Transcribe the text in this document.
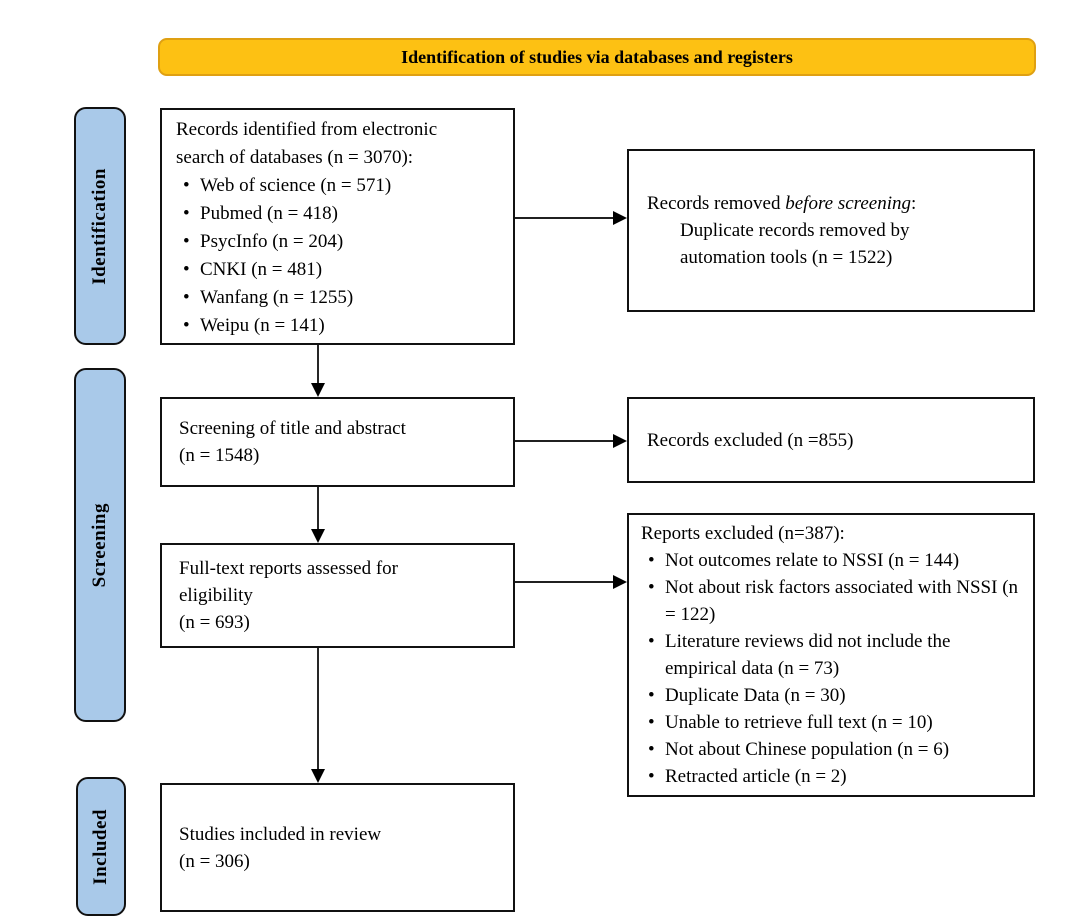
Identification of studies via databases and registers
Identification
Screening
Included
Records identified from electronic
search of databases (n = 3070):
• Web of science (n = 571)
• Pubmed (n = 418)
• PsycInfo (n = 204)
• CNKI (n = 481)
• Wanfang (n = 1255)
• Weipu (n = 141)
Screening of title and abstract
(n = 1548)
Full-text reports assessed for
eligibility
(n = 693)
Studies included in review
(n = 306)
Records removed before screening:
Duplicate records removed by
automation tools (n = 1522)
Records excluded (n =855)
Reports excluded (n=387):
• Not outcomes relate to NSSI (n = 144)
• Not about risk factors associated with NSSI (n = 122)
• Literature reviews did not include the empirical data (n = 73)
• Duplicate Data (n = 30)
• Unable to retrieve full text (n = 10)
• Not about Chinese population (n = 6)
• Retracted article (n = 2)
